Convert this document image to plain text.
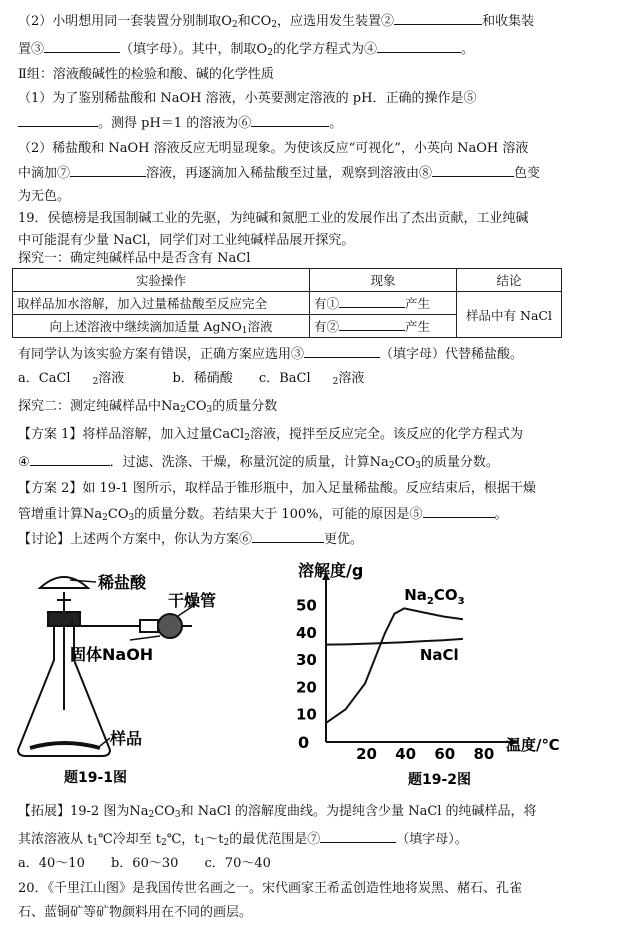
（2）小明想用同一套装置分别制取$O_2$和$CO_2$，应选用发生装置②	和收集装
置③	（填字母）。其中，制取$O_2$的化学方程式为④	。
Ⅱ组：溶液酸碱性的检验和酸、碱的化学性质
（1）为了鉴别稀盐酸和 NaOH 溶液，小英要测定溶液的 pH．正确的操作是⑤
。测得 pH＝1 的溶液为⑥	。
（2）稀盐酸和 NaOH 溶液反应无明显现象。为使该反应“可视化”，小英向 NaOH 溶液
中滴加⑦	溶液，再逐滴加入稀盐酸至过量，观察到溶液由⑧	色变
为无色。
19．侯德榜是我国制碱工业的先驱，为纯碱和氮肥工业的发展作出了杰出贡献，工业纯碱
中可能混有少量 NaCl，同学们对工业纯碱样品展开探究。
探究一：确定纯碱样品中是否含有 NaCl
实验操作	现象	结论
取样品加水溶解，加入过量稀盐酸至反应完全	有① 产生	样品中有 NaCl
向上述溶液中继续滴加适量 AgNO$_1$溶液	有② 产生	
有同学认为该实验方案有错误，正确方案应选用③	（填字母）代替稀盐酸。
a．CaCl $_2$溶液	b．稀硝酸 c．BaCl $_2$溶液
探究二：测定纯碱样品中$Na_2CO_3$的质量分数
【方案 1】将样品溶解，加入过量CaCl$_2$溶液，搅拌至反应完全。该反应的化学方程式为
④	．过滤、洗涤、干燥，称量沉淀的质量，计算$Na_2CO_3$的质量分数。
【方案 2】如 19-1 图所示，取样品于锥形瓶中，加入足量稀盐酸。反应结束后，根据干燥
管增重计算$Na_2CO_3$的质量分数。若结果大于 100%，可能的原因是⑤	。
【讨论】上述两个方案中，你认为方案⑥	更优。
稀盐酸
干燥管
固体NaOH
样品
题19-1图
20 40 60 80
10
20
30
40
50
溶解度/g
温度/℃
0
$Na_2CO_3$
NaCl
题19-2图
【拓展】19-2 图为$Na_2CO_3$和 NaCl 的溶解度曲线。为提纯含少量 NaCl 的纯碱样品，将
其浓溶液从 $t_1℃$冷却至 $t_2℃$，$t_1\sim t_2$的最优范围是⑦	（填字母）。
a．40～10 b．60～30 c．70～40
20．《千里江山图》是我国传世名画之一。宋代画家王希孟创造性地将炭黑、赭石、孔雀
石、蓝铜矿等矿物颜料用在不同的画层。
